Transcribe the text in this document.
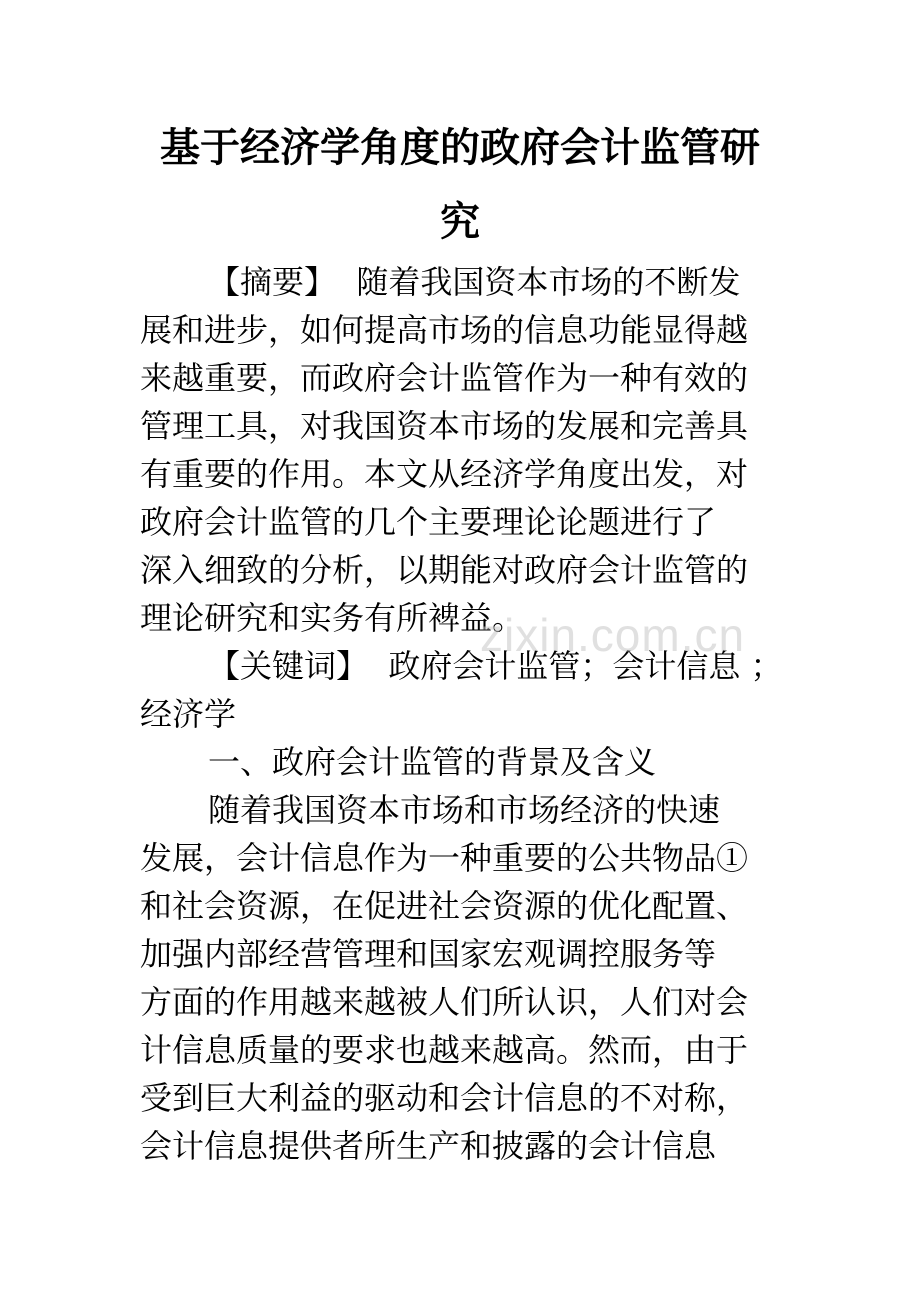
基于经济学角度的政府会计监管研
究
【摘要】 随着我国资本市场的不断发
展和进步，如何提高市场的信息功能显得越
来越重要，而政府会计监管作为一种有效的
管理工具，对我国资本市场的发展和完善具
有重要的作用。本文从经济学角度出发，对
政府会计监管的几个主要理论论题进行了
深入细致的分析，以期能对政府会计监管的
理论研究和实务有所裨益。
【关键词】 政府会计监管；会计信息 ；
经济学
一、政府会计监管的背景及含义
随着我国资本市场和市场经济的快速
发展，会计信息作为一种重要的公共物品①
和社会资源，在促进社会资源的优化配置、
加强内部经营管理和国家宏观调控服务等
方面的作用越来越被人们所认识，人们对会
计信息质量的要求也越来越高。然而，由于
受到巨大利益的驱动和会计信息的不对称，
会计信息提供者所生产和披露的会计信息
zixin.com.cn
